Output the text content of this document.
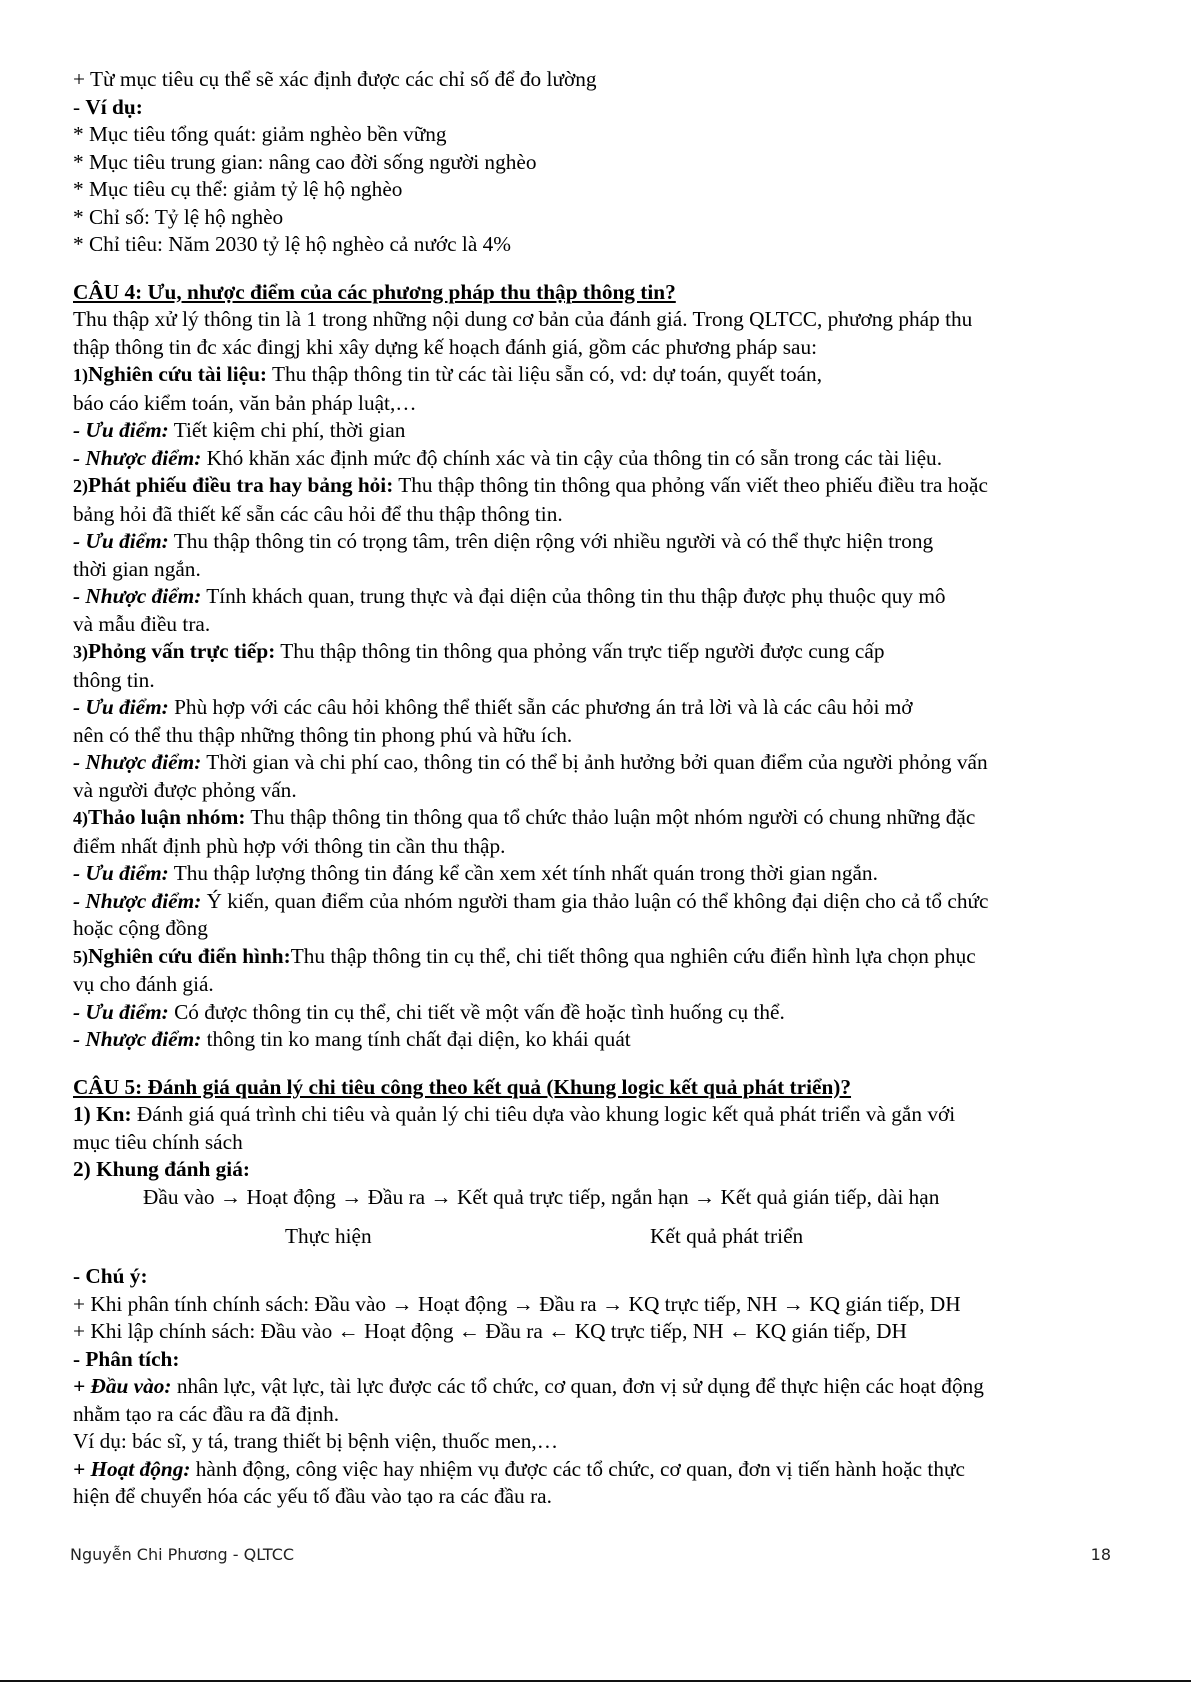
+ Từ mục tiêu cụ thể sẽ xác định được các chỉ số để đo lường

- Ví dụ:

* Mục tiêu tổng quát: giảm nghèo bền vững

* Mục tiêu trung gian: nâng cao đời sống người nghèo

* Mục tiêu cụ thể: giảm tỷ lệ hộ nghèo

* Chỉ số: Tỷ lệ hộ nghèo

* Chỉ tiêu: Năm 2030 tỷ lệ hộ nghèo cả nước là 4%

CÂU 4: Ưu, nhược điểm của các phương pháp thu thập thông tin?

Thu thập xử lý thông tin là 1 trong những nội dung cơ bản của đánh giá. Trong QLTCC, phương pháp thu

thập thông tin đc xác đingj khi xây dựng kế hoạch đánh giá, gồm các phương pháp sau:

1)Nghiên cứu tài liệu: Thu thập thông tin từ các tài liệu sẵn có, vd: dự toán, quyết toán,

báo cáo kiểm toán, văn bản pháp luật,…

- Ưu điểm: Tiết kiệm chi phí, thời gian

- Nhược điểm: Khó khăn xác định mức độ chính xác và tin cậy của thông tin có sẵn trong các tài liệu.

2)Phát phiếu điều tra hay bảng hỏi: Thu thập thông tin thông qua phỏng vấn viết theo phiếu điều tra hoặc

bảng hỏi đã thiết kế sẵn các câu hỏi để thu thập thông tin.

- Ưu điểm: Thu thập thông tin có trọng tâm, trên diện rộng với nhiều người và có thể thực hiện trong

thời gian ngắn.

- Nhược điểm: Tính khách quan, trung thực và đại diện của thông tin thu thập được phụ thuộc quy mô

và mẫu điều tra.

3)Phỏng vấn trực tiếp: Thu thập thông tin thông qua phỏng vấn trực tiếp người được cung cấp

thông tin.

- Ưu điểm: Phù hợp với các câu hỏi không thể thiết sẵn các phương án trả lời và là các câu hỏi mở

nên có thể thu thập những thông tin phong phú và hữu ích.

- Nhược điểm: Thời gian và chi phí cao, thông tin có thể bị ảnh hưởng bởi quan điểm của người phỏng vấn

và người được phỏng vấn.

4)Thảo luận nhóm: Thu thập thông tin thông qua tổ chức thảo luận một nhóm người có chung những đặc

điểm nhất định phù hợp với thông tin cần thu thập.

- Ưu điểm: Thu thập lượng thông tin đáng kể cần xem xét tính nhất quán trong thời gian ngắn.

- Nhược điểm: Ý kiến, quan điểm của nhóm người tham gia thảo luận có thể không đại diện cho cả tổ chức

hoặc cộng đồng

5)Nghiên cứu điển hình:Thu thập thông tin cụ thể, chi tiết thông qua nghiên cứu điển hình lựa chọn phục

vụ cho đánh giá.

- Ưu điểm: Có được thông tin cụ thể, chi tiết về một vấn đề hoặc tình huống cụ thể.

- Nhược điểm: thông tin ko mang tính chất đại diện, ko khái quát

CÂU 5: Đánh giá quản lý chi tiêu công theo kết quả (Khung logic kết quả phát triển)?

1) Kn: Đánh giá quá trình chi tiêu và quản lý chi tiêu dựa vào khung logic kết quả phát triển và gắn với

mục tiêu chính sách

2) Khung đánh giá:

Đầu vào → Hoạt động → Đầu ra → Kết quả trực tiếp, ngắn hạn → Kết quả gián tiếp, dài hạn

Thực hiện	Kết quả phát triển

- Chú ý:

+ Khi phân tính chính sách: Đầu vào → Hoạt động → Đầu ra → KQ trực tiếp, NH → KQ gián tiếp, DH

+ Khi lập chính sách: Đầu vào ← Hoạt động ← Đầu ra ← KQ trực tiếp, NH ← KQ gián tiếp, DH

- Phân tích:

+ Đầu vào: nhân lực, vật lực, tài lực được các tổ chức, cơ quan, đơn vị sử dụng để thực hiện các hoạt động

nhằm tạo ra các đầu ra đã định.

Ví dụ: bác sĩ, y tá, trang thiết bị bệnh viện, thuốc men,…

+ Hoạt động: hành động, công việc hay nhiệm vụ được các tổ chức, cơ quan, đơn vị tiến hành hoặc thực

hiện để chuyển hóa các yếu tố đầu vào tạo ra các đầu ra.

Nguyễn Chi Phương - QLTCC	18
